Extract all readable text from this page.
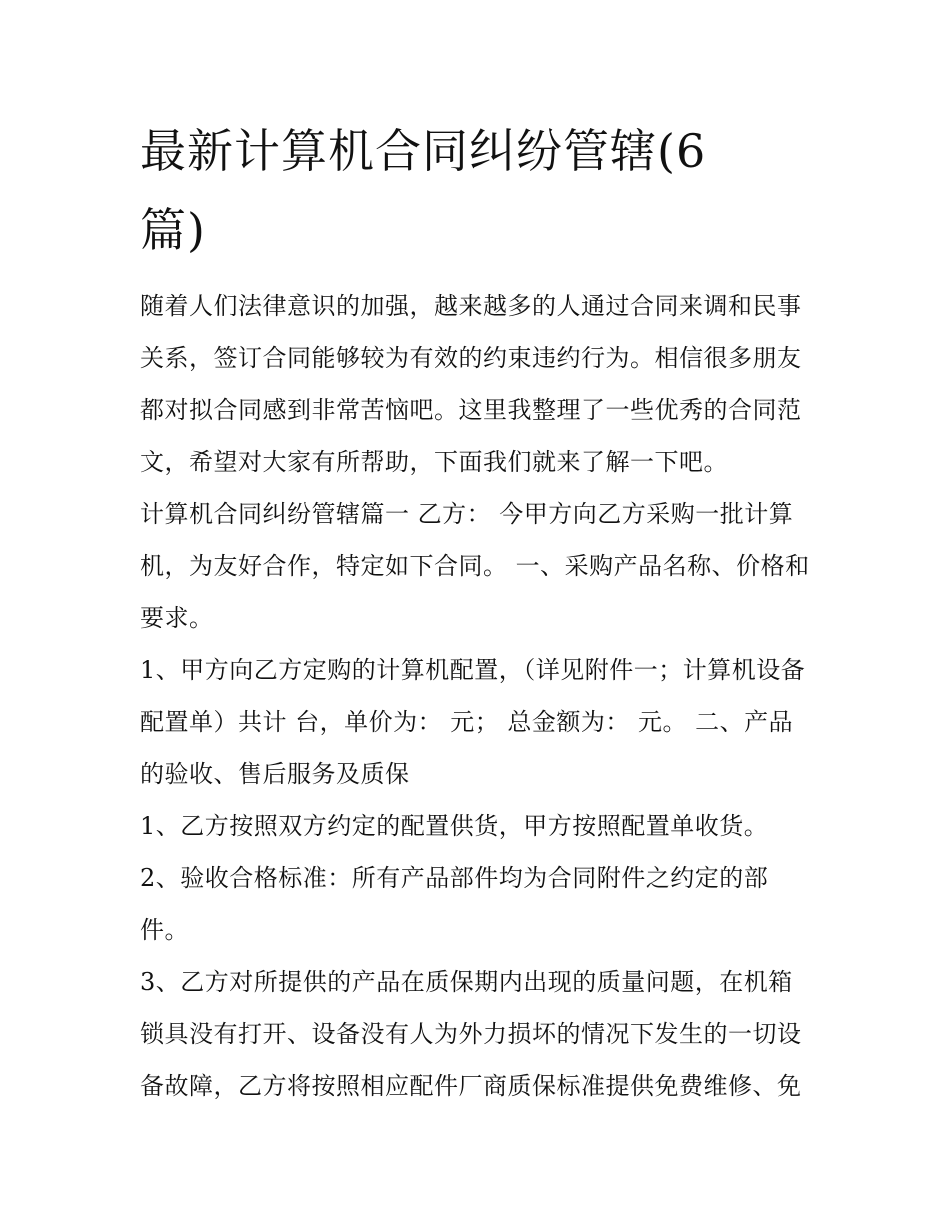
最新计算机合同纠纷管辖(6篇)

随着人们法律意识的加强，越来越多的人通过合同来调和民事关系，签订合同能够较为有效的约束违约行为。相信很多朋友都对拟合同感到非常苦恼吧。这里我整理了一些优秀的合同范文，希望对大家有所帮助，下面我们就来了解一下吧。

计算机合同纠纷管辖篇一 乙方： 今甲方向乙方采购一批计算机，为友好合作，特定如下合同。 一、采购产品名称、价格和要求。

1、甲方向乙方定购的计算机配置，（详见附件一；计算机设备配置单）共计 台，单价为： 元； 总金额为： 元。 二、产品的验收、售后服务及质保

1、乙方按照双方约定的配置供货，甲方按照配置单收货。

2、验收合格标准：所有产品部件均为合同附件之约定的部件。

3、乙方对所提供的产品在质保期内出现的质量问题，在机箱锁具没有打开、设备没有人为外力损坏的情况下发生的一切设备故障，乙方将按照相应配件厂商质保标准提供免费维修、免
